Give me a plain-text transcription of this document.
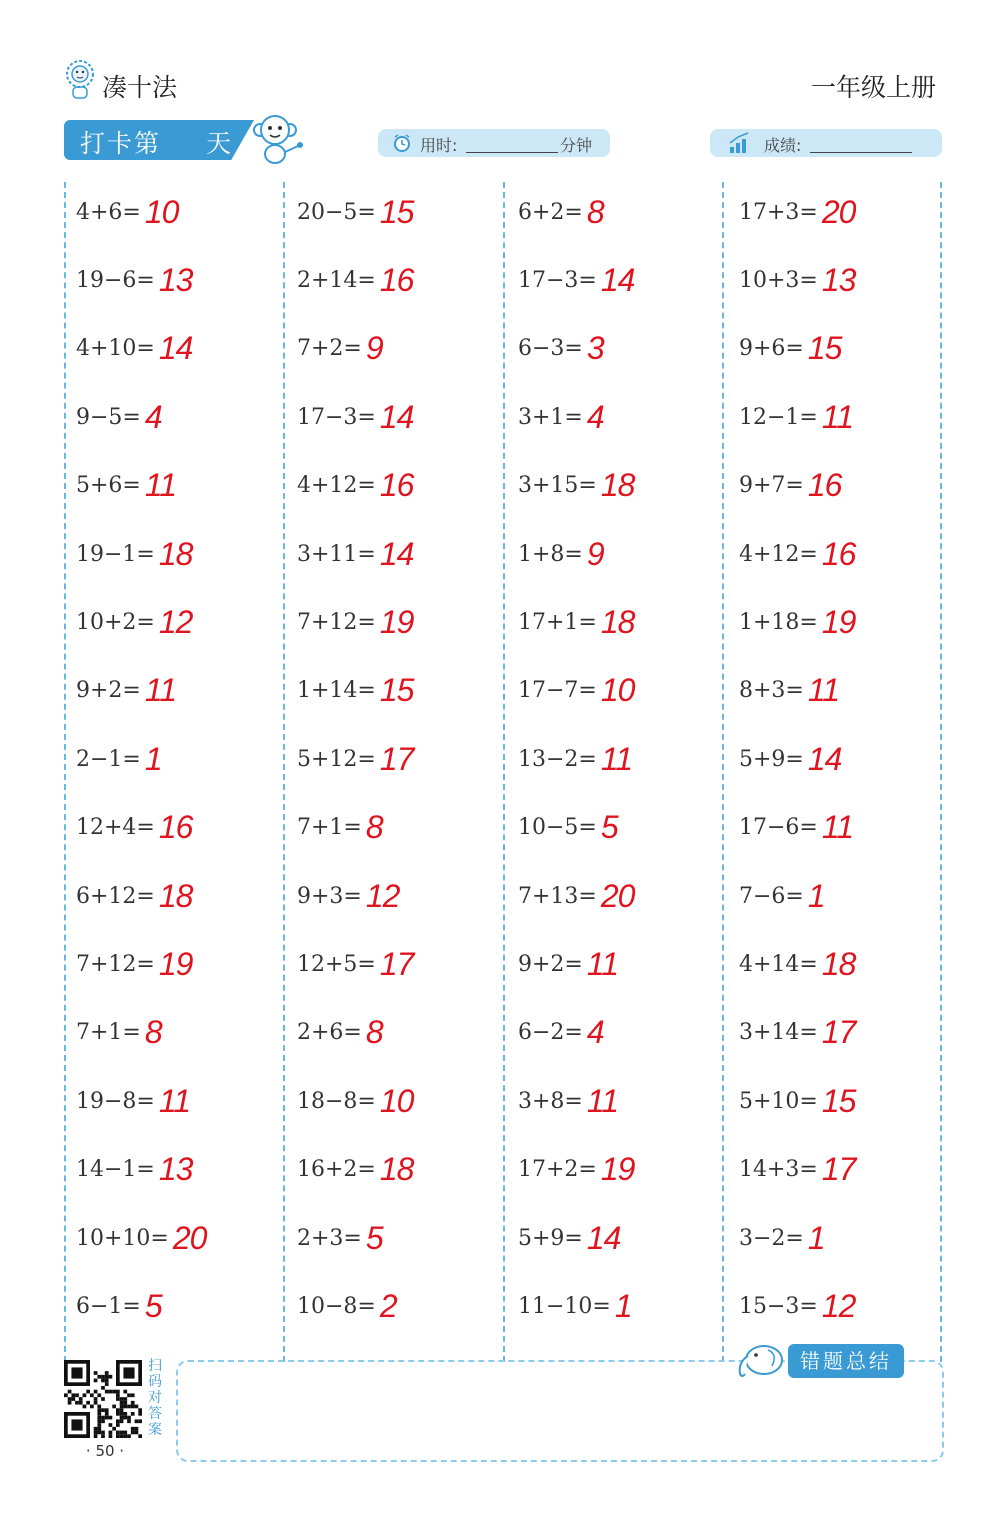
凑十法	一年级上册
打卡第 天	用时:	分钟	成绩:
4+6= 10
19−6= 13
4+10= 14
9−5= 4
5+6= 11
19−1= 18
10+2= 12
9+2= 11
2−1= 1
12+4= 16
6+12= 18
7+12= 19
7+1= 8
19−8= 11
14−1= 13
10+10= 20
6−1= 5
20−5= 15
2+14= 16
7+2= 9
17−3= 14
4+12= 16
3+11= 14
7+12= 19
1+14= 15
5+12= 17
7+1= 8
9+3= 12
12+5= 17
2+6= 8
18−8= 10
16+2= 18
2+3= 5
10−8= 2
6+2= 8
17−3= 14
6−3= 3
3+1= 4
3+15= 18
1+8= 9
17+1= 18
17−7= 10
13−2= 11
10−5= 5
7+13= 20
9+2= 11
6−2= 4
3+8= 11
17+2= 19
5+9= 14
11−10= 1
17+3= 20
10+3= 13
9+6= 15
12−1= 11
9+7= 16
4+12= 16
1+18= 19
8+3= 11
5+9= 14
17−6= 11
7−6= 1
4+14= 18
3+14= 17
5+10= 15
14+3= 17
3−2= 1
15−3= 12
扫码对答案
· 50 ·
错题总结
